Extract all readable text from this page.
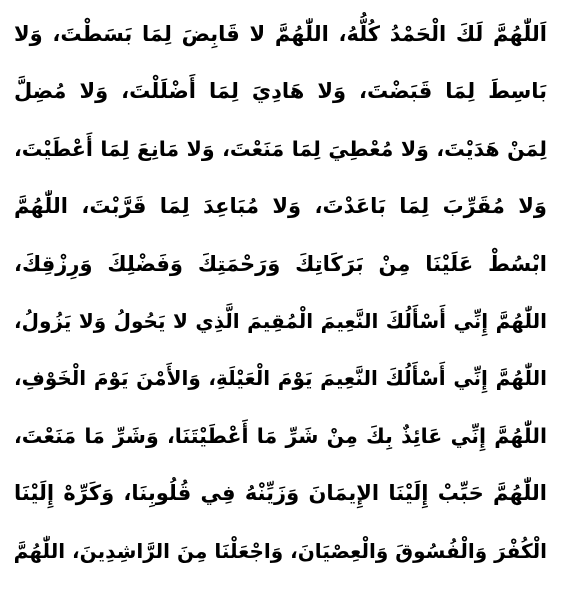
اَللّٰهُمَّ لَكَ الْحَمْدُ كُلُّهُ، اللّٰهُمَّ لا قَابِضَ لِمَا بَسَطْتَ، وَلا
بَاسِطَ لِمَا قَبَضْتَ، وَلا هَادِيَ لِمَا أَضْلَلْتَ، وَلا مُضِلَّ
لِمَنْ هَدَيْتَ، وَلا مُعْطِيَ لِمَا مَنَعْتَ، وَلا مَانِعَ لِمَا أَعْطَيْتَ،
وَلا مُقَرِّبَ لِمَا بَاعَدْتَ، وَلا مُبَاعِدَ لِمَا قَرَّبْتَ، اللّٰهُمَّ
ابْسُطْ عَلَيْنَا مِنْ بَرَكَاتِكَ وَرَحْمَتِكَ وَفَضْلِكَ وَرِزْقِكَ،
اللّٰهُمَّ إِنِّي أَسْأَلُكَ النَّعِيمَ الْمُقِيمَ الَّذِي لا يَحُولُ وَلا يَزُولُ،
اللّٰهُمَّ إِنِّي أَسْأَلُكَ النَّعِيمَ يَوْمَ الْعَيْلَةِ، وَالأَمْنَ يَوْمَ الْخَوْفِ،
اللّٰهُمَّ إِنِّي عَائِذٌ بِكَ مِنْ شَرِّ مَا أَعْطَيْتَنَا، وَشَرِّ مَا مَنَعْتَ،
اللّٰهُمَّ حَبِّبْ إِلَيْنَا الإِيمَانَ وَزَيِّنْهُ فِي قُلُوبِنَا، وَكَرِّهْ إِلَيْنَا
الْكُفْرَ وَالْفُسُوقَ وَالْعِصْيَانَ، وَاجْعَلْنَا مِنَ الرَّاشِدِينَ، اللّٰهُمَّ
